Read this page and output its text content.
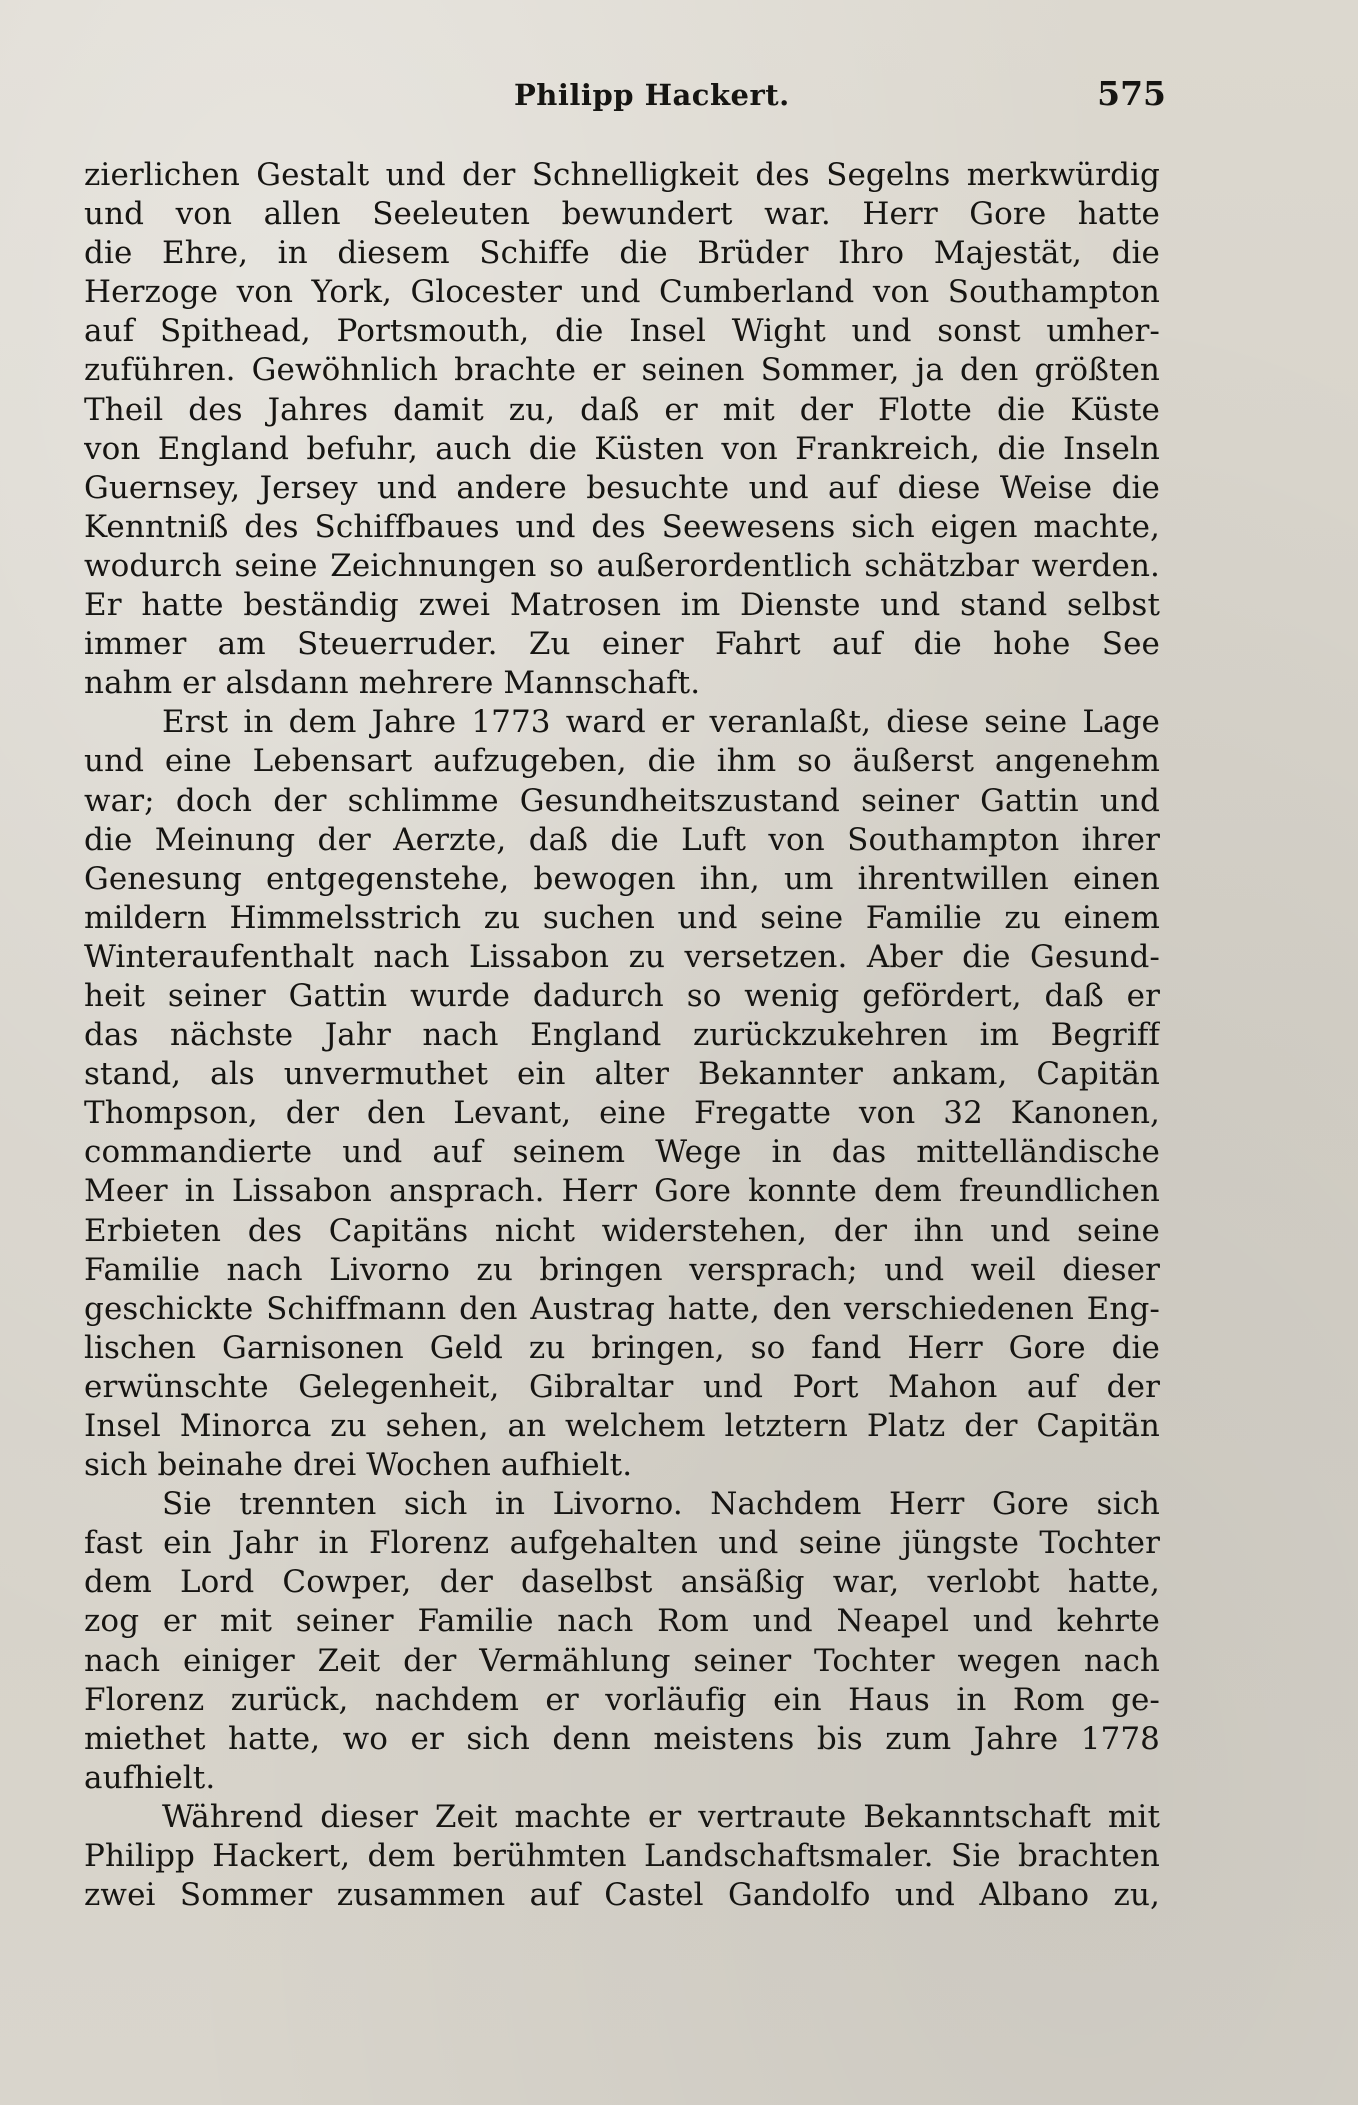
Philipp Hackert.	575

zierlichen Gestalt und der Schnelligkeit des Segelns merkwürdig
und von allen Seeleuten bewundert war. Herr Gore hatte
die Ehre, in diesem Schiffe die Brüder Ihro Majestät, die
Herzoge von York, Glocester und Cumberland von Southampton
auf Spithead, Portsmouth, die Insel Wight und sonst umher-
zuführen. Gewöhnlich brachte er seinen Sommer, ja den größten
Theil des Jahres damit zu, daß er mit der Flotte die Küste
von England befuhr, auch die Küsten von Frankreich, die Inseln
Guernsey, Jersey und andere besuchte und auf diese Weise die
Kenntniß des Schiffbaues und des Seewesens sich eigen machte,
wodurch seine Zeichnungen so außerordentlich schätzbar werden.
Er hatte beständig zwei Matrosen im Dienste und stand selbst
immer am Steuerruder. Zu einer Fahrt auf die hohe See
nahm er alsdann mehrere Mannschaft.

Erst in dem Jahre 1773 ward er veranlaßt, diese seine Lage
und eine Lebensart aufzugeben, die ihm so äußerst angenehm
war; doch der schlimme Gesundheitszustand seiner Gattin und
die Meinung der Aerzte, daß die Luft von Southampton ihrer
Genesung entgegenstehe, bewogen ihn, um ihrentwillen einen
mildern Himmelsstrich zu suchen und seine Familie zu einem
Winteraufenthalt nach Lissabon zu versetzen. Aber die Gesund-
heit seiner Gattin wurde dadurch so wenig gefördert, daß er
das nächste Jahr nach England zurückzukehren im Begriff
stand, als unvermuthet ein alter Bekannter ankam, Capitän
Thompson, der den Levant, eine Fregatte von 32 Kanonen,
commandierte und auf seinem Wege in das mittelländische
Meer in Lissabon ansprach. Herr Gore konnte dem freundlichen
Erbieten des Capitäns nicht widerstehen, der ihn und seine
Familie nach Livorno zu bringen versprach; und weil dieser
geschickte Schiffmann den Austrag hatte, den verschiedenen Eng-
lischen Garnisonen Geld zu bringen, so fand Herr Gore die
erwünschte Gelegenheit, Gibraltar und Port Mahon auf der
Insel Minorca zu sehen, an welchem letztern Platz der Capitän
sich beinahe drei Wochen aufhielt.

Sie trennten sich in Livorno. Nachdem Herr Gore sich
fast ein Jahr in Florenz aufgehalten und seine jüngste Tochter
dem Lord Cowper, der daselbst ansäßig war, verlobt hatte,
zog er mit seiner Familie nach Rom und Neapel und kehrte
nach einiger Zeit der Vermählung seiner Tochter wegen nach
Florenz zurück, nachdem er vorläufig ein Haus in Rom ge-
miethet hatte, wo er sich denn meistens bis zum Jahre 1778
aufhielt.

Während dieser Zeit machte er vertraute Bekanntschaft mit
Philipp Hackert, dem berühmten Landschaftsmaler. Sie brachten
zwei Sommer zusammen auf Castel Gandolfo und Albano zu,
